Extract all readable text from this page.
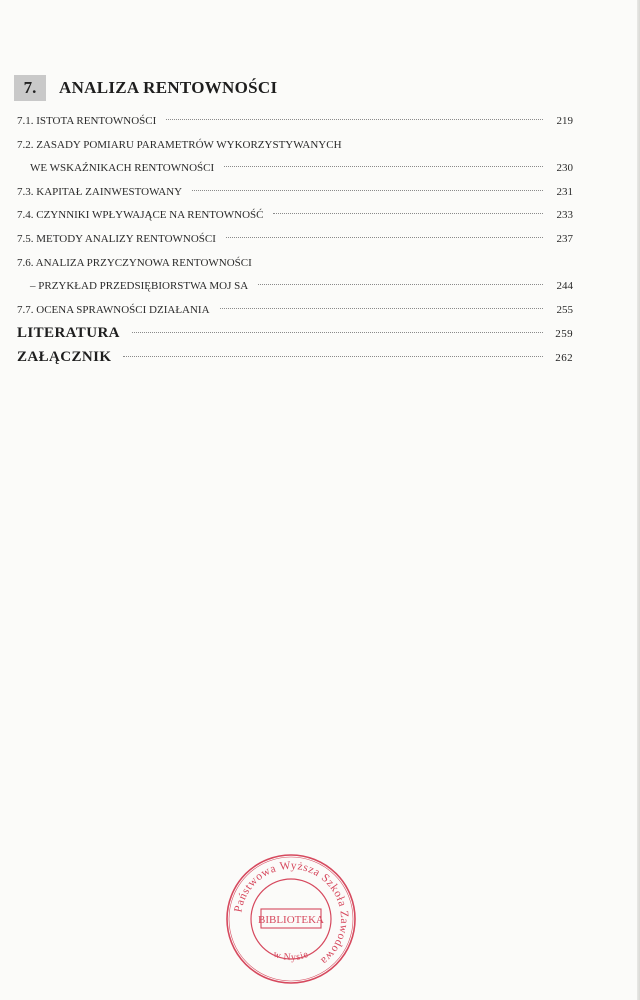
7.	ANALIZA RENTOWNOŚCI
7.1. ISTOTA RENTOWNOŚCI	219
7.2. ZASADY POMIARU PARAMETRÓW WYKORZYSTYWANYCH
WE WSKAŹNIKACH RENTOWNOŚCI	230
7.3. KAPITAŁ ZAINWESTOWANY	231
7.4. CZYNNIKI WPŁYWAJĄCE NA RENTOWNOŚĆ	233
7.5. METODY ANALIZY RENTOWNOŚCI	237
7.6. ANALIZA PRZYCZYNOWA RENTOWNOŚCI
– PRZYKŁAD PRZEDSIĘBIORSTWA MOJ SA	244
7.7. OCENA SPRAWNOŚCI DZIAŁANIA	255
LITERATURA	259
ZAŁĄCZNIK	262
Państwowa Wyższa Szkoła Zawodowa
w Nysie
BIBLIOTEKA
